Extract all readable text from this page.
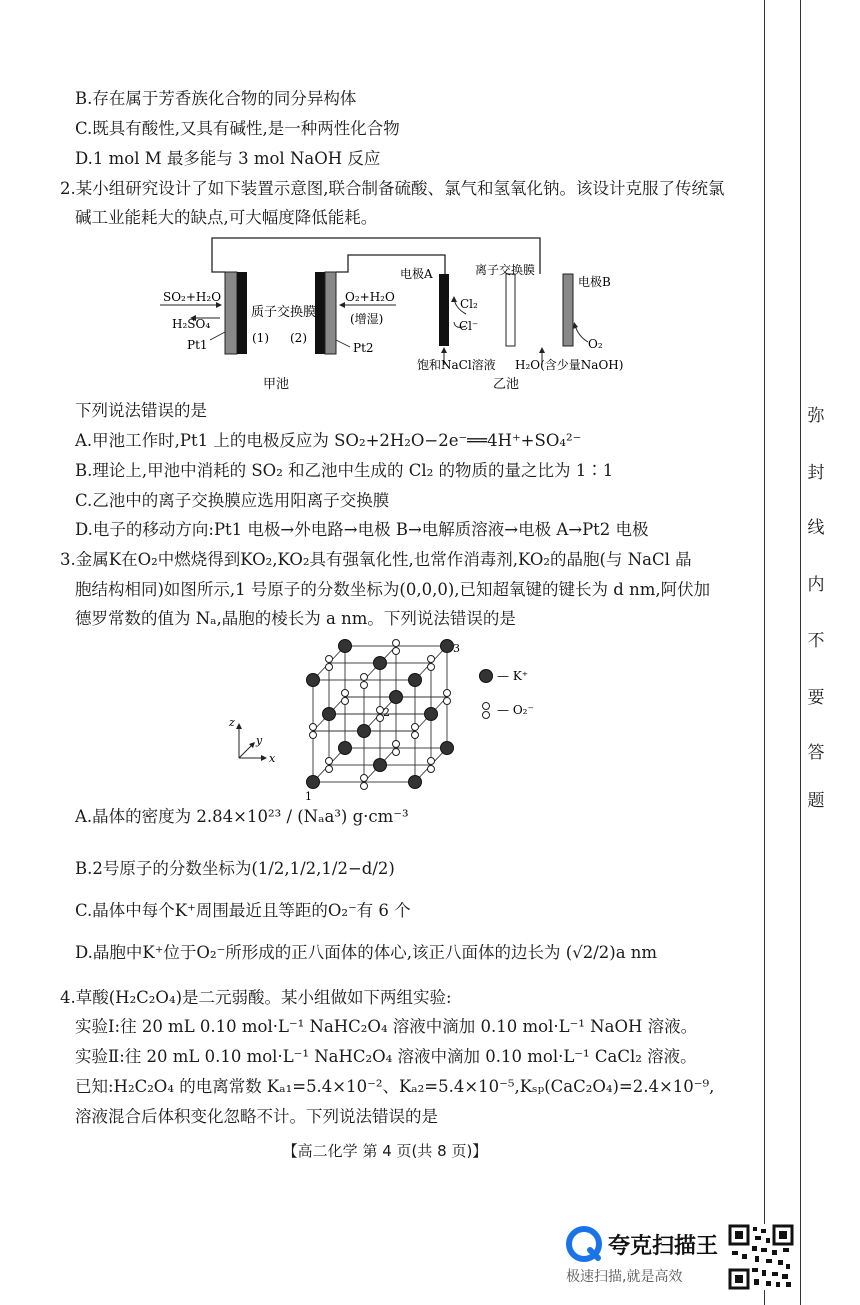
B.存在属于芳香族化合物的同分异构体
C.既具有酸性,又具有碱性,是一种两性化合物
D.1 mol M 最多能与 3 mol NaOH 反应
2.某小组研究设计了如下装置示意图,联合制备硫酸、氯气和氢氧化钠。该设计克服了传统氯
碱工业能耗大的缺点,可大幅度降低能耗。
SO₂+H₂O
H₂SO₄
Pt1
质子交换膜
(1) (2)
O₂+H₂O
(增湿)
Pt2
甲池
电极A	离子交换膜
电极B
Cl₂
Cl⁻
O₂
饱和NaCl溶液 H₂O(含少量NaOH)
乙池
下列说法错误的是
A.甲池工作时,Pt1 上的电极反应为 SO₂+2H₂O−2e⁻══4H⁺+SO₄²⁻
B.理论上,甲池中消耗的 SO₂ 和乙池中生成的 Cl₂ 的物质的量之比为 1∶1
C.乙池中的离子交换膜应选用阳离子交换膜
D.电子的移动方向:Pt1 电极→外电路→电极 B→电解质溶液→电极 A→Pt2 电极
3.金属K在O₂中燃烧得到KO₂,KO₂具有强氧化性,也常作消毒剂,KO₂的晶胞(与 NaCl 晶
胞结构相同)如图所示,1 号原子的分数坐标为(0,0,0),已知超氧键的键长为 d nm,阿伏加
德罗常数的值为 Nₐ,晶胞的棱长为 a nm。下列说法错误的是
1
2
3
z
y
x
— K⁺
— O₂⁻
A.晶体的密度为 2.84×10²³ / (Nₐa³) g·cm⁻³
B.2号原子的分数坐标为(1/2,1/2,1/2−d/2)
C.晶体中每个K⁺周围最近且等距的O₂⁻有 6 个
D.晶胞中K⁺位于O₂⁻所形成的正八面体的体心,该正八面体的边长为 (√2/2)a nm
4.草酸(H₂C₂O₄)是二元弱酸。某小组做如下两组实验:
实验Ⅰ:往 20 mL 0.10 mol·L⁻¹ NaHC₂O₄ 溶液中滴加 0.10 mol·L⁻¹ NaOH 溶液。
实验Ⅱ:往 20 mL 0.10 mol·L⁻¹ NaHC₂O₄ 溶液中滴加 0.10 mol·L⁻¹ CaCl₂ 溶液。
已知:H₂C₂O₄ 的电离常数 Kₐ₁=5.4×10⁻²、Kₐ₂=5.4×10⁻⁵,Kₛₚ(CaC₂O₄)=2.4×10⁻⁹,
溶液混合后体积变化忽略不计。下列说法错误的是
弥
封
线
内
不
要
答
题
【高二化学 第 4 页(共 8 页)】
夸克扫描王
极速扫描,就是高效
